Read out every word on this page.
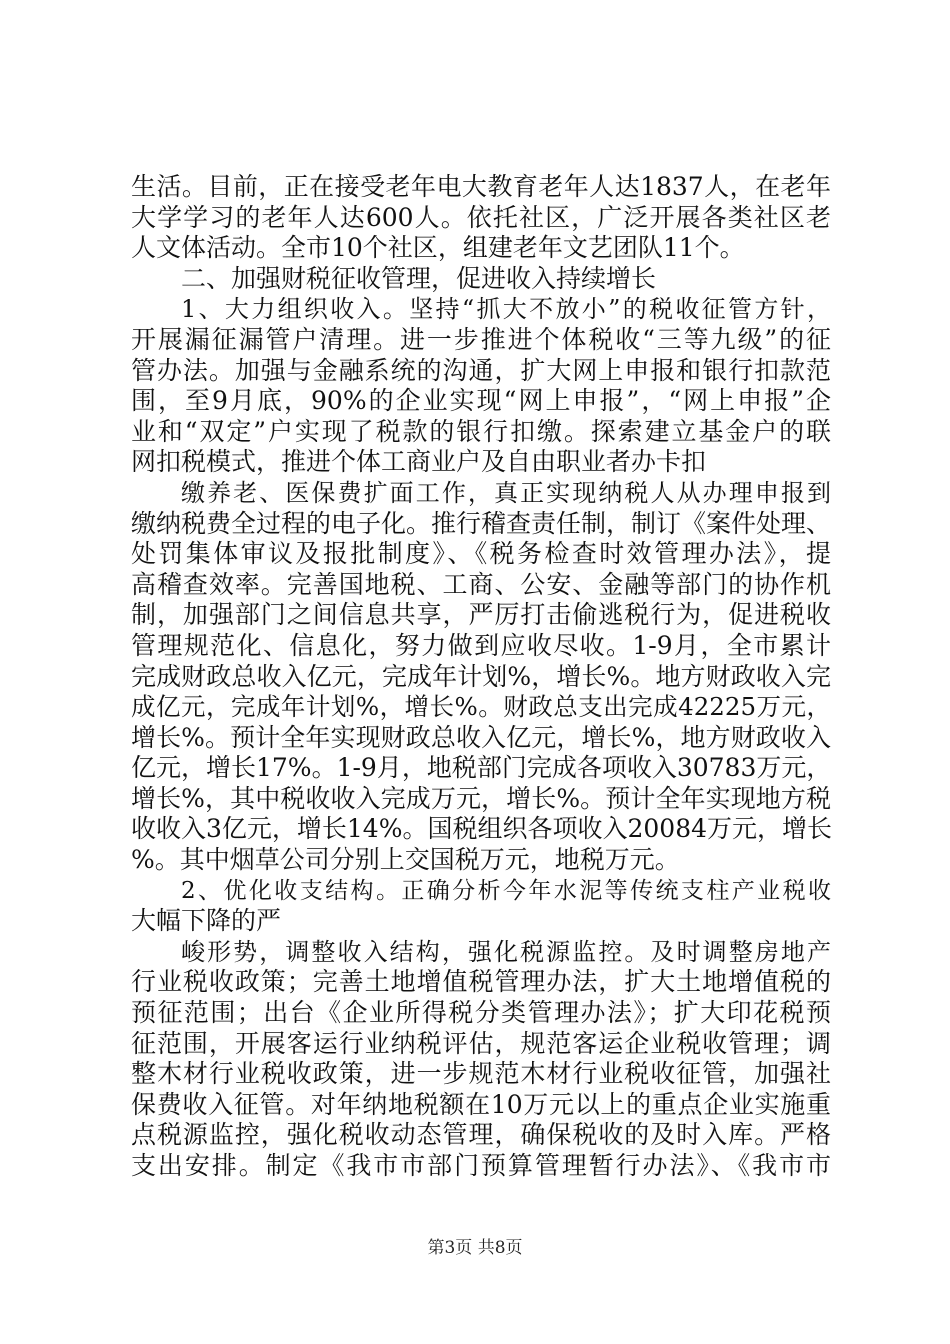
生活。目前，正在接受老年电大教育老年人达1837人，在老年
大学学习的老年人达600人。依托社区，广泛开展各类社区老
人文体活动。全市10个社区，组建老年文艺团队11个。
二、加强财税征收管理，促进收入持续增长
1、大力组织收入。坚持“抓大不放小”的税收征管方针，
开展漏征漏管户清理。进一步推进个体税收“三等九级”的征
管办法。加强与金融系统的沟通，扩大网上申报和银行扣款范
围，至9月底，90%的企业实现“网上申报”，“网上申报”企
业和“双定”户实现了税款的银行扣缴。探索建立基金户的联
网扣税模式，推进个体工商业户及自由职业者办卡扣
缴养老、医保费扩面工作，真正实现纳税人从办理申报到
缴纳税费全过程的电子化。推行稽查责任制，制订《案件处理、
处罚集体审议及报批制度》、《税务检查时效管理办法》，提
高稽查效率。完善国地税、工商、公安、金融等部门的协作机
制，加强部门之间信息共享，严厉打击偷逃税行为，促进税收
管理规范化、信息化，努力做到应收尽收。1-9月，全市累计
完成财政总收入亿元，完成年计划%，增长%。地方财政收入完
成亿元，完成年计划%，增长%。财政总支出完成42225万元，
增长%。预计全年实现财政总收入亿元，增长%，地方财政收入
亿元，增长17%。1-9月，地税部门完成各项收入30783万元，
增长%，其中税收收入完成万元，增长%。预计全年实现地方税
收收入3亿元，增长14%。国税组织各项收入20084万元，增长
%。其中烟草公司分别上交国税万元，地税万元。
2、优化收支结构。正确分析今年水泥等传统支柱产业税收
大幅下降的严
峻形势，调整收入结构，强化税源监控。及时调整房地产
行业税收政策；完善土地增值税管理办法，扩大土地增值税的
预征范围；出台《企业所得税分类管理办法》；扩大印花税预
征范围，开展客运行业纳税评估，规范客运企业税收管理；调
整木材行业税收政策，进一步规范木材行业税收征管，加强社
保费收入征管。对年纳地税额在10万元以上的重点企业实施重
点税源监控，强化税收动态管理，确保税收的及时入库。严格
支出安排。制定《我市市部门预算管理暂行办法》、《我市市
第3页 共8页
